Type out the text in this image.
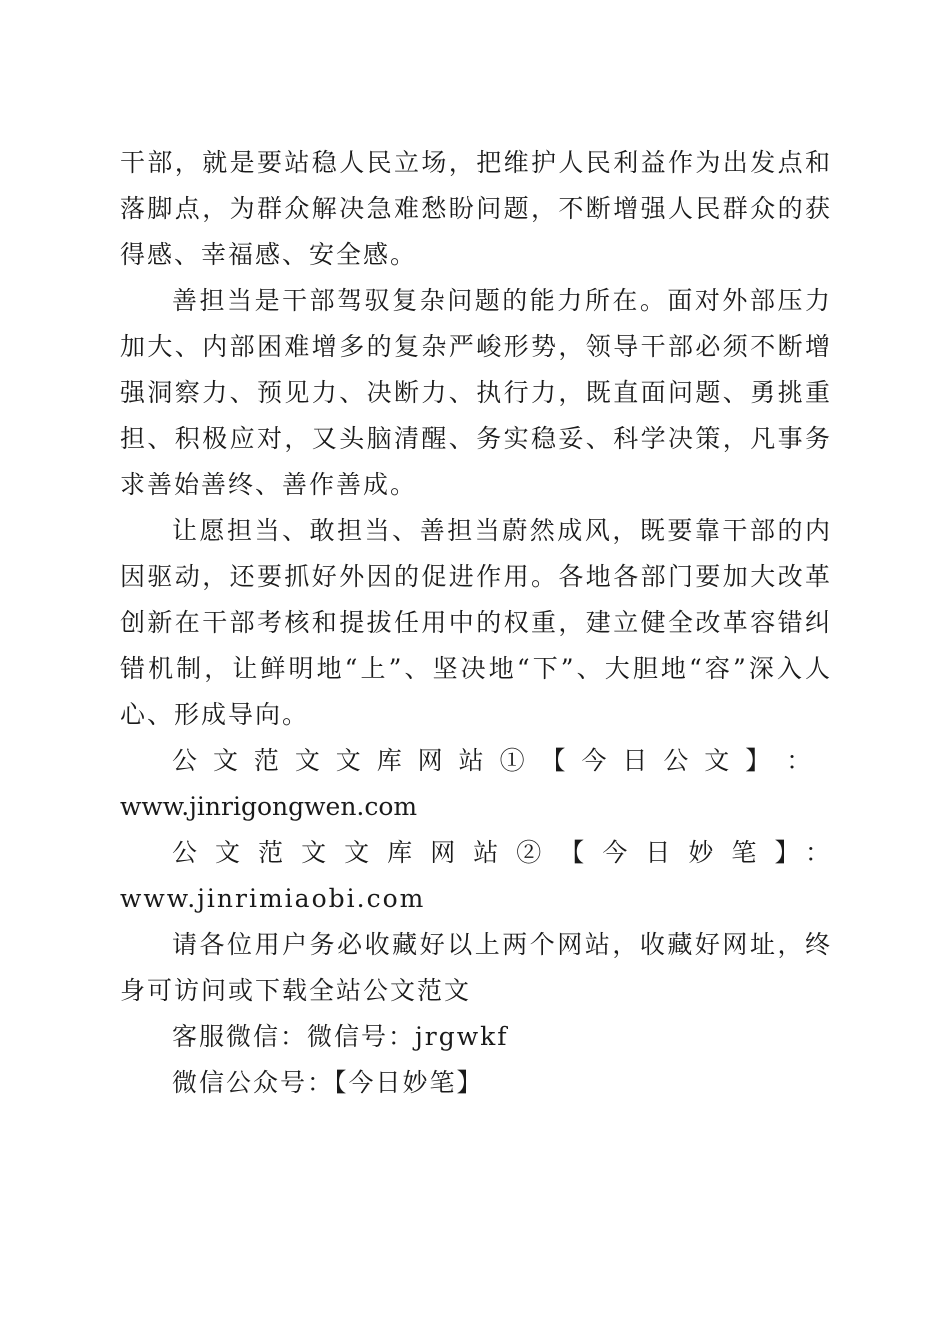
干部，就是要站稳人民立场，把维护人民利益作为出发点和落脚点，为群众解决急难愁盼问题，不断增强人民群众的获得感、幸福感、安全感。

善担当是干部驾驭复杂问题的能力所在。面对外部压力加大、内部困难增多的复杂严峻形势，领导干部必须不断增强洞察力、预见力、决断力、执行力，既直面问题、勇挑重担、积极应对，又头脑清醒、务实稳妥、科学决策，凡事务求善始善终、善作善成。

让愿担当、敢担当、善担当蔚然成风，既要靠干部的内因驱动，还要抓好外因的促进作用。各地各部门要加大改革创新在干部考核和提拔任用中的权重，建立健全改革容错纠错机制，让鲜明地“上”、坚决地“下”、大胆地“容”深入人心、形成导向。

公 文 范 文 文 库 网 站 ① 【 今 日 公 文 】 ：
www.jinrigongwen.com

公文范文文库网站②【今日妙笔】：www.jinrimiaobi.com

请各位用户务必收藏好以上两个网站，收藏好网址，终身可访问或下载全站公文范文

客服微信：微信号：jrgwkf

微信公众号：【今日妙笔】
